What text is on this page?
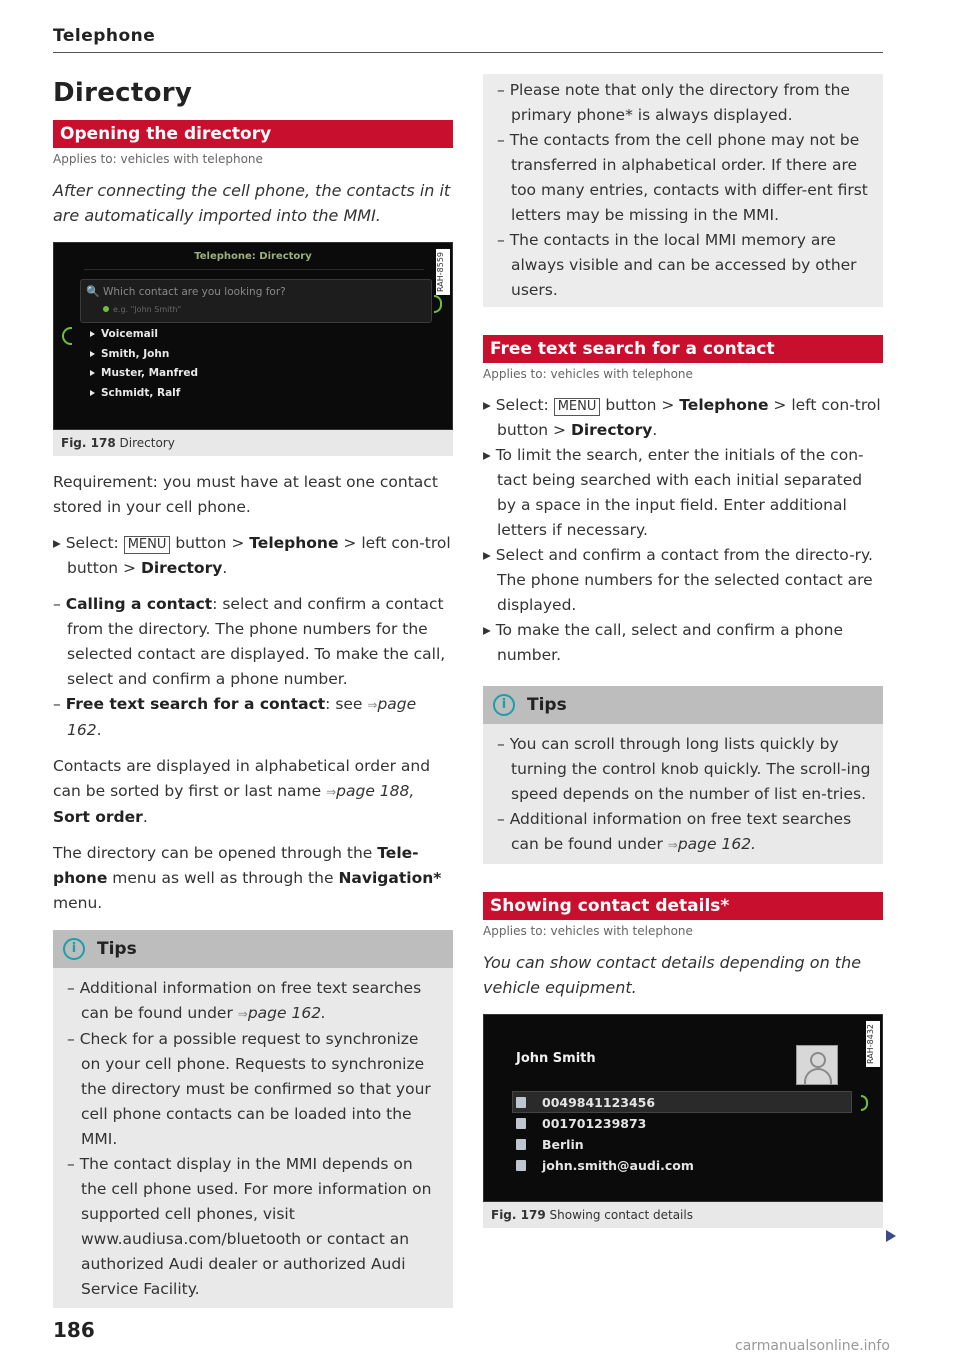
Telephone
Directory
Opening the directory
Applies to: vehicles with telephone
After connecting the cell phone, the contacts in it are automatically imported into the MMI.
Telephone: Directory
🔍 Which contact are you looking for?
e.g. "John Smith"
Voicemail
Smith, John
Muster, Manfred
Schmidt, Ralf
RAH-8559
Fig. 178 Directory
Requirement: you must have at least one contact stored in your cell phone.
▸ Select: MENU button > Telephone > left con-trol button > Directory.
– Calling a contact: select and confirm a contact from the directory. The phone numbers for the selected contact are displayed. To make the call, select and confirm a phone number.
– Free text search for a contact: see ⇒page 162.
Contacts are displayed in alphabetical order and can be sorted by first or last name ⇒page 188, Sort order.
The directory can be opened through the Tele-phone menu as well as through the Navigation* menu.
i	Tips
– Additional information on free text searches can be found under ⇒page 162.
– Check for a possible request to synchronize on your cell phone. Requests to synchronize the directory must be confirmed so that your cell phone contacts can be loaded into the MMI.
– The contact display in the MMI depends on the cell phone used. For more information on supported cell phones, visit www.audiusa.com/bluetooth or contact an authorized Audi dealer or authorized Audi Service Facility.
– Please note that only the directory from the primary phone* is always displayed.
– The contacts from the cell phone may not be transferred in alphabetical order. If there are too many entries, contacts with differ-ent first letters may be missing in the MMI.
– The contacts in the local MMI memory are always visible and can be accessed by other users.
Free text search for a contact
Applies to: vehicles with telephone
▸ Select: MENU button > Telephone > left con-trol button > Directory.
▸ To limit the search, enter the initials of the con-tact being searched with each initial separated by a space in the input field. Enter additional letters if necessary.
▸ Select and confirm a contact from the directo-ry. The phone numbers for the selected contact are displayed.
▸ To make the call, select and confirm a phone number.
i	Tips
– You can scroll through long lists quickly by turning the control knob quickly. The scroll-ing speed depends on the number of list en-tries.
– Additional information on free text searches can be found under ⇒page 162.
Showing contact details*
Applies to: vehicles with telephone
You can show contact details depending on the vehicle equipment.
John Smith
0049841123456
001701239873
Berlin
john.smith@audi.com
RAH-8432
Fig. 179 Showing contact details
186
carmanualsonline.info
